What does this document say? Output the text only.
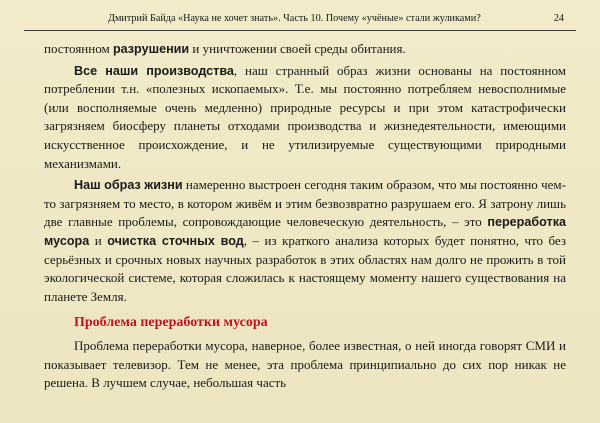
Дмитрий Байда «Наука не хочет знать». Часть 10. Почему «учёные» стали жуликами?	24

постоянном разрушении и уничтожении своей среды обитания.

Все наши производства, наш странный образ жизни основаны на постоянном потреблении т.н. «полезных ископаемых». Т.е. мы постоянно потребляем невосполнимые (или восполняемые очень медленно) природные ресурсы и при этом катастрофически загрязняем биосферу планеты отходами производства и жизнедеятельности, имеющими искусственное происхождение, и не утилизируемые существующими природными механизмами.

Наш образ жизни намеренно выстроен сегодня таким образом, что мы постоянно чем-то загрязняем то место, в котором живём и этим безвозвратно разрушаем его. Я затрону лишь две главные проблемы, сопровождающие человеческую деятельность, – это переработка мусора и очистка сточных вод, – из краткого анализа которых будет понятно, что без серьёзных и срочных новых научных разработок в этих областях нам долго не прожить в той экологической системе, которая сложилась к настоящему моменту нашего существования на планете Земля.

Проблема переработки мусора

Проблема переработки мусора, наверное, более известная, о ней иногда говорят СМИ и показывает телевизор. Тем не менее, эта проблема принципиально до сих пор никак не решена. В лучшем случае, небольшая часть
